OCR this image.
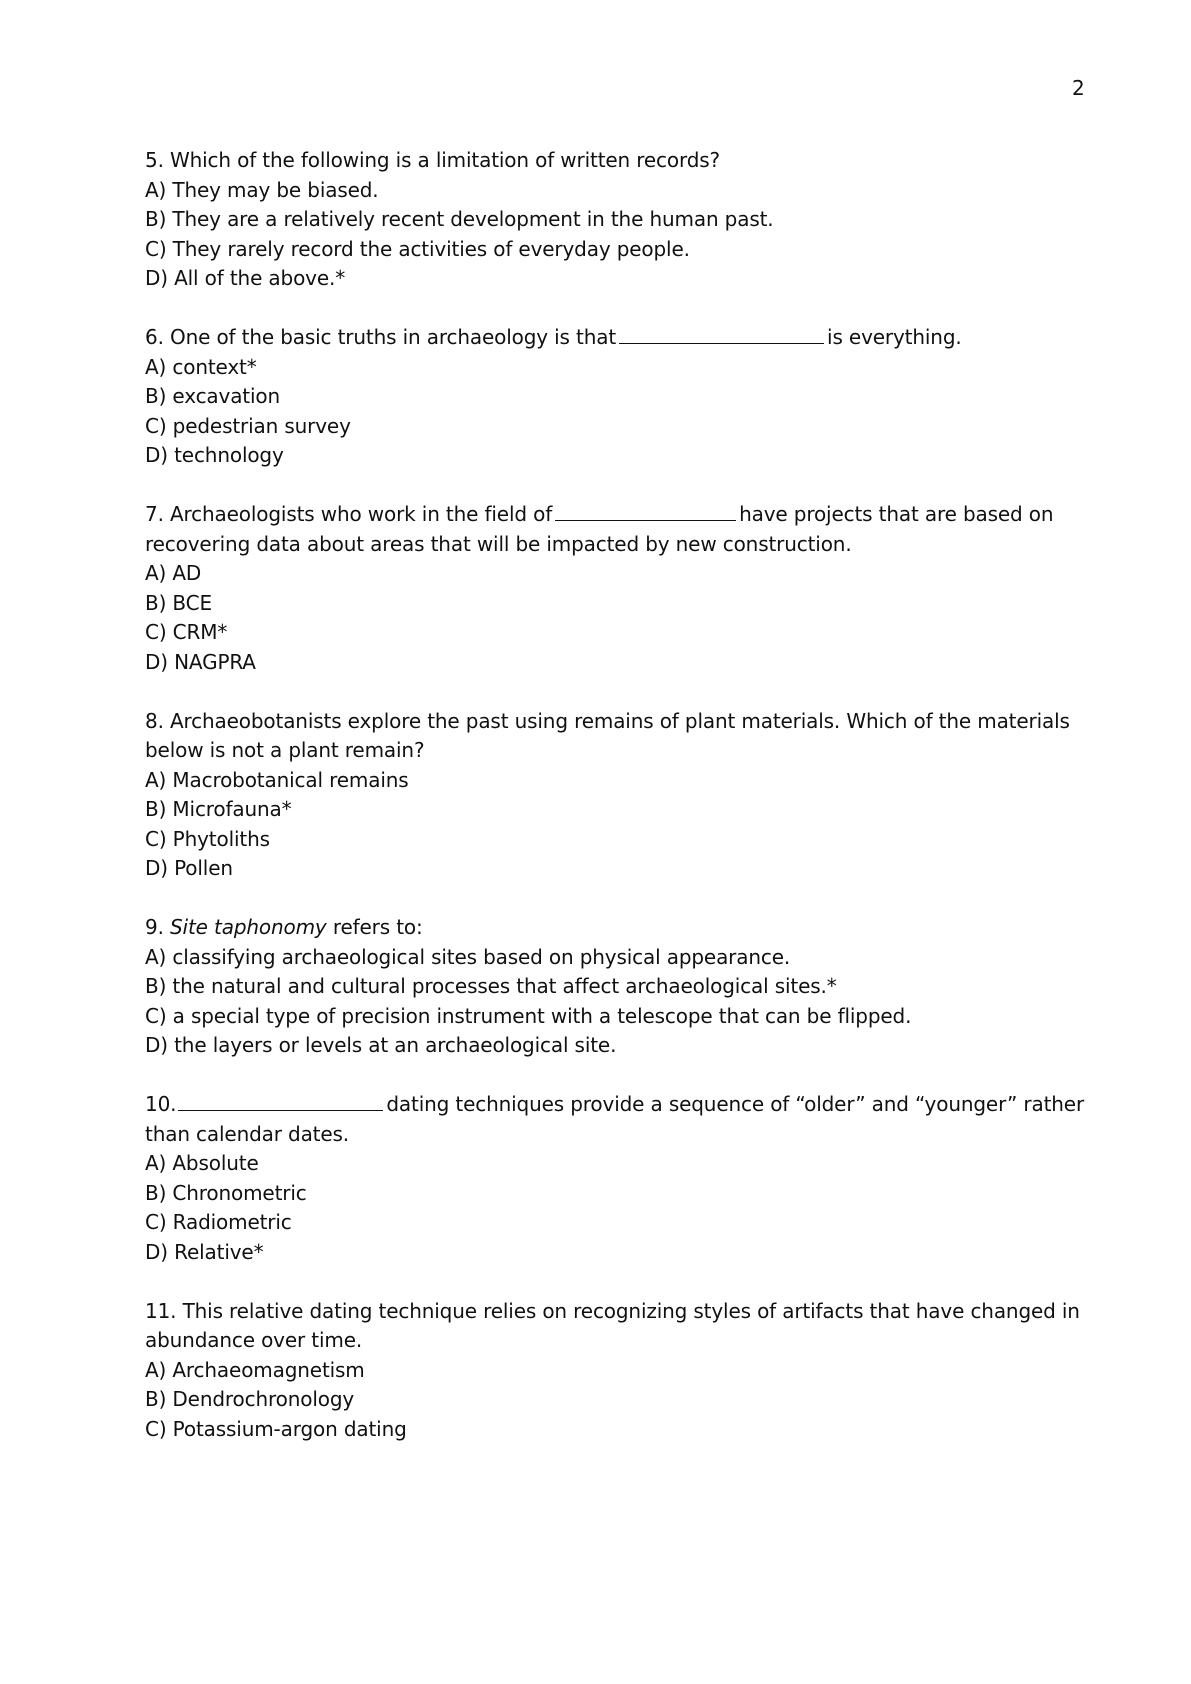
2
5. Which of the following is a limitation of written records?
A) They may be biased.
B) They are a relatively recent development in the human past.
C) They rarely record the activities of everyday people.
D) All of the above.*
6. One of the basic truths in archaeology is that	is everything.
A) context*
B) excavation
C) pedestrian survey
D) technology
7. Archaeologists who work in the field of	have projects that are based on
recovering data about areas that will be impacted by new construction.
A) AD
B) BCE
C) CRM*
D) NAGPRA
8. Archaeobotanists explore the past using remains of plant materials. Which of the materials
below is not a plant remain?
A) Macrobotanical remains
B) Microfauna*
C) Phytoliths
D) Pollen
9. Site taphonomy refers to:
A) classifying archaeological sites based on physical appearance.
B) the natural and cultural processes that affect archaeological sites.*
C) a special type of precision instrument with a telescope that can be flipped.
D) the layers or levels at an archaeological site.
10.	dating techniques provide a sequence of “older” and “younger” rather
than calendar dates.
A) Absolute
B) Chronometric
C) Radiometric
D) Relative*
11. This relative dating technique relies on recognizing styles of artifacts that have changed in
abundance over time.
A) Archaeomagnetism
B) Dendrochronology
C) Potassium-argon dating
